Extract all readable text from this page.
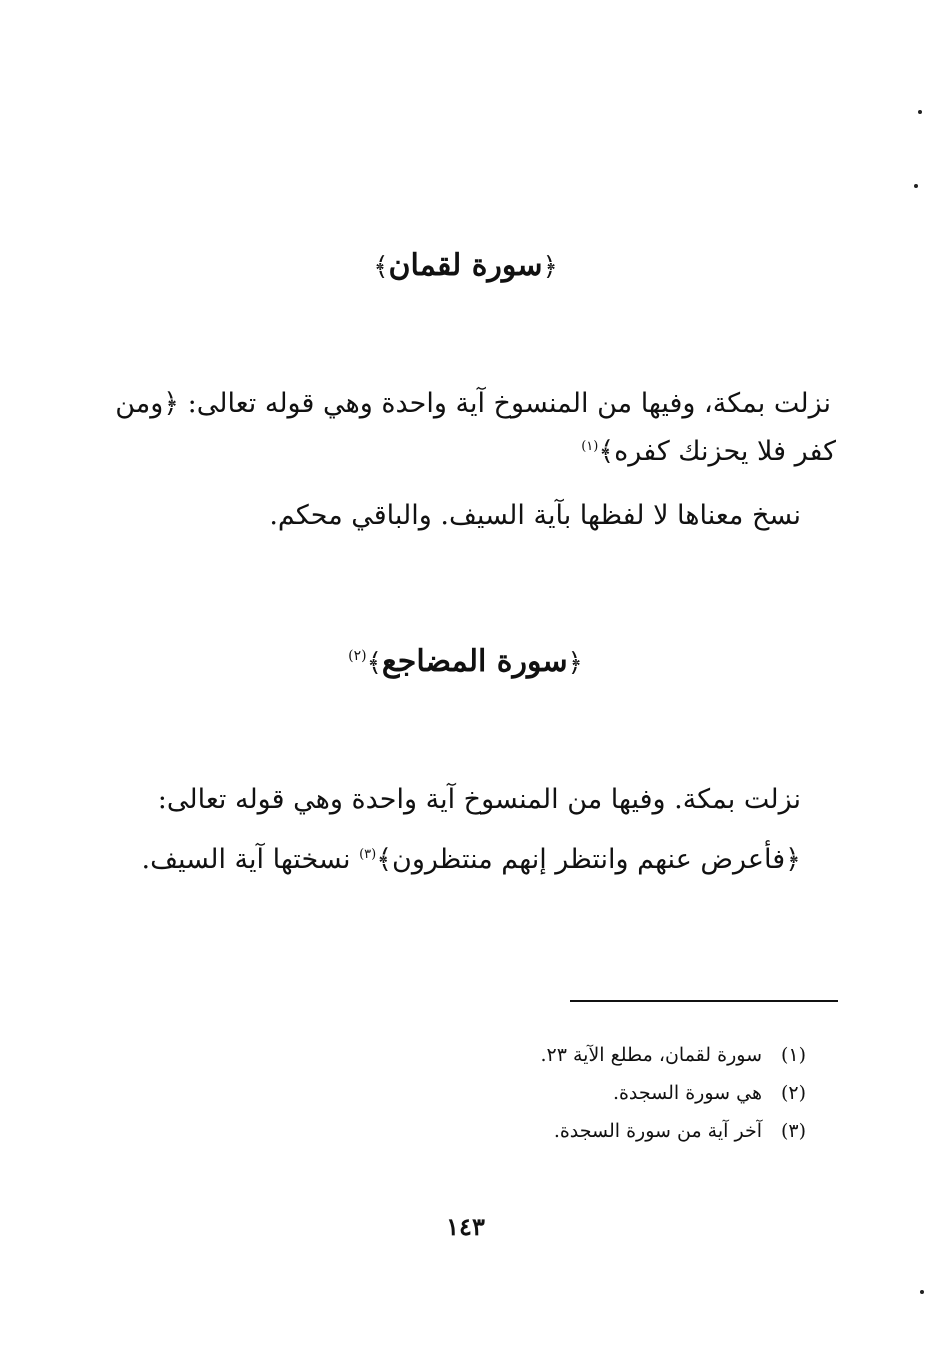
﴿سورة لقمان﴾
نزلت بمكة، وفيها من المنسوخ آية واحدة وهي قوله تعالى: ﴿ومن
كفر فلا يحزنك كفره﴾$^{(١)}$
نسخ معناها لا لفظها بآية السيف. والباقي محكم.
﴿سورة المضاجع﴾$^{(٢)}$
نزلت بمكة. وفيها من المنسوخ آية واحدة وهي قوله تعالى:
﴿فأعرض عنهم وانتظر إنهم منتظرون﴾$^{(٣)}$ نسختها آية السيف.
(١)
سورة لقمان، مطلع الآية ٢٣.
(٢)
هي سورة السجدة.
(٣)
آخر آية من سورة السجدة.
١٤٣
